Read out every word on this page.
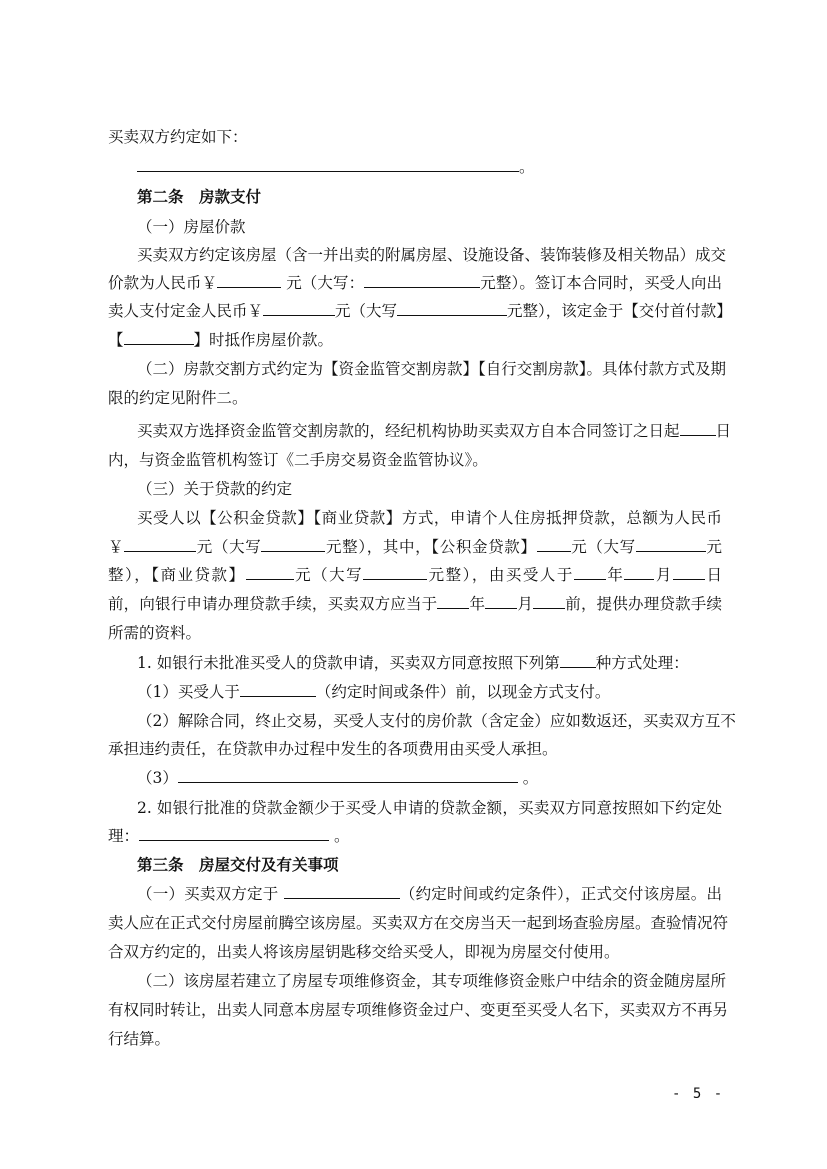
买卖双方约定如下：
。
第二条　房款支付
（一）房屋价款
买卖双方约定该房屋（含一并出卖的附属房屋、设施设备、装饰装修及相关物品）成交
价款为人民币￥	元（大写：	元整）。签订本合同时，买受人向出
卖人支付定金人民币￥	元（大写	元整），该定金于【交付首付款】
【	】时抵作房屋价款。
（二）房款交割方式约定为【资金监管交割房款】【自行交割房款】。具体付款方式及期
限的约定见附件二。
买卖双方选择资金监管交割房款的，经纪机构协助买卖双方自本合同签订之日起 日
内，与资金监管机构签订《二手房交易资金监管协议》。
（三）关于贷款的约定
买受人以【公积金贷款】【商业贷款】方式，申请个人住房抵押贷款，总额为人民币
￥	元（大写	元整），其中，【公积金贷款】 元（大写	元
整），【商业贷款】	元（大写	元整），由买受人于 年 月 日
前，向银行申请办理贷款手续，买卖双方应当于 年 月 前，提供办理贷款手续
所需的资料。
1. 如银行未批准买受人的贷款申请，买卖双方同意按照下列第 种方式处理：
（1）买受人于	（约定时间或条件）前，以现金方式支付。
（2）解除合同，终止交易，买受人支付的房价款（含定金）应如数返还，买卖双方互不
承担违约责任，在贷款申办过程中发生的各项费用由买受人承担。
（3）	。
2. 如银行批准的贷款金额少于买受人申请的贷款金额，买卖双方同意按照如下约定处
理：	。
第三条　房屋交付及有关事项
（一）买卖双方定于	（约定时间或约定条件），正式交付该房屋。出
卖人应在正式交付房屋前腾空该房屋。买卖双方在交房当天一起到场查验房屋。查验情况符
合双方约定的，出卖人将该房屋钥匙移交给买受人，即视为房屋交付使用。
（二）该房屋若建立了房屋专项维修资金，其专项维修资金账户中结余的资金随房屋所
有权同时转让，出卖人同意本房屋专项维修资金过户、变更至买受人名下，买卖双方不再另
行结算。
- 5 -
